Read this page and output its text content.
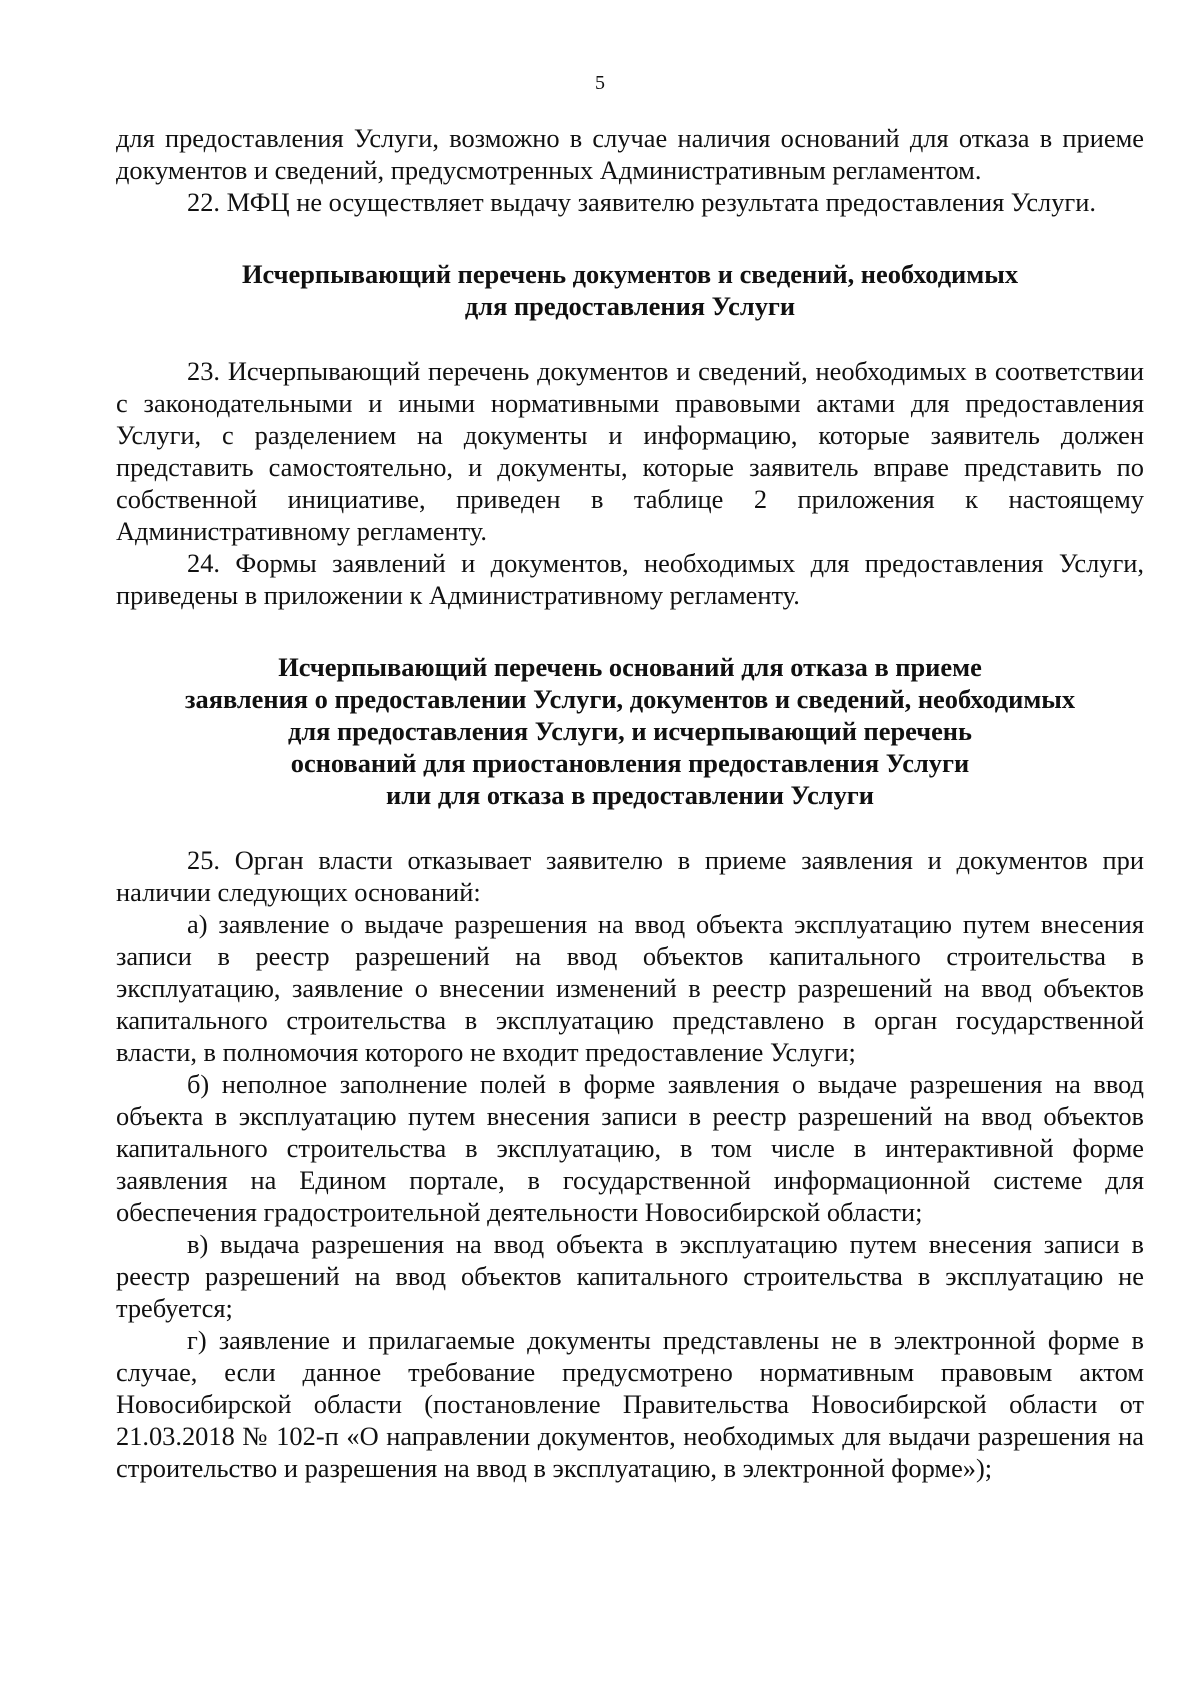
5

для предоставления Услуги, возможно в случае наличия оснований для отказа в приеме документов и сведений, предусмотренных Административным регламентом.

22. МФЦ не осуществляет выдачу заявителю результата предоставления Услуги.

Исчерпывающий перечень документов и сведений, необходимых
для предоставления Услуги

23. Исчерпывающий перечень документов и сведений, необходимых в соответствии с законодательными и иными нормативными правовыми актами для предоставления Услуги, с разделением на документы и информацию, которые заявитель должен представить самостоятельно, и документы, которые заявитель вправе представить по собственной инициативе, приведен в таблице 2 приложения к настоящему Административному регламенту.

24. Формы заявлений и документов, необходимых для предоставления Услуги, приведены в приложении к Административному регламенту.

Исчерпывающий перечень оснований для отказа в приеме
заявления о предоставлении Услуги, документов и сведений, необходимых
для предоставления Услуги, и исчерпывающий перечень
оснований для приостановления предоставления Услуги
или для отказа в предоставлении Услуги

25. Орган власти отказывает заявителю в приеме заявления и документов при наличии следующих оснований:

а) заявление о выдаче разрешения на ввод объекта эксплуатацию путем внесения записи в реестр разрешений на ввод объектов капитального строительства в эксплуатацию, заявление о внесении изменений в реестр разрешений на ввод объектов капитального строительства в эксплуатацию представлено в орган государственной власти, в полномочия которого не входит предоставление Услуги;

б) неполное заполнение полей в форме заявления о выдаче разрешения на ввод объекта в эксплуатацию путем внесения записи в реестр разрешений на ввод объектов капитального строительства в эксплуатацию, в том числе в интерактивной форме заявления на Едином портале, в государственной информационной системе для обеспечения градостроительной деятельности Новосибирской области;

в) выдача разрешения на ввод объекта в эксплуатацию путем внесения записи в реестр разрешений на ввод объектов капитального строительства в эксплуатацию не требуется;

г) заявление и прилагаемые документы представлены не в электронной форме в случае, если данное требование предусмотрено нормативным правовым актом Новосибирской области (постановление Правительства Новосибирской области от 21.03.2018 № 102-п «О направлении документов, необходимых для выдачи разрешения на строительство и разрешения на ввод в эксплуатацию, в электронной форме»);
